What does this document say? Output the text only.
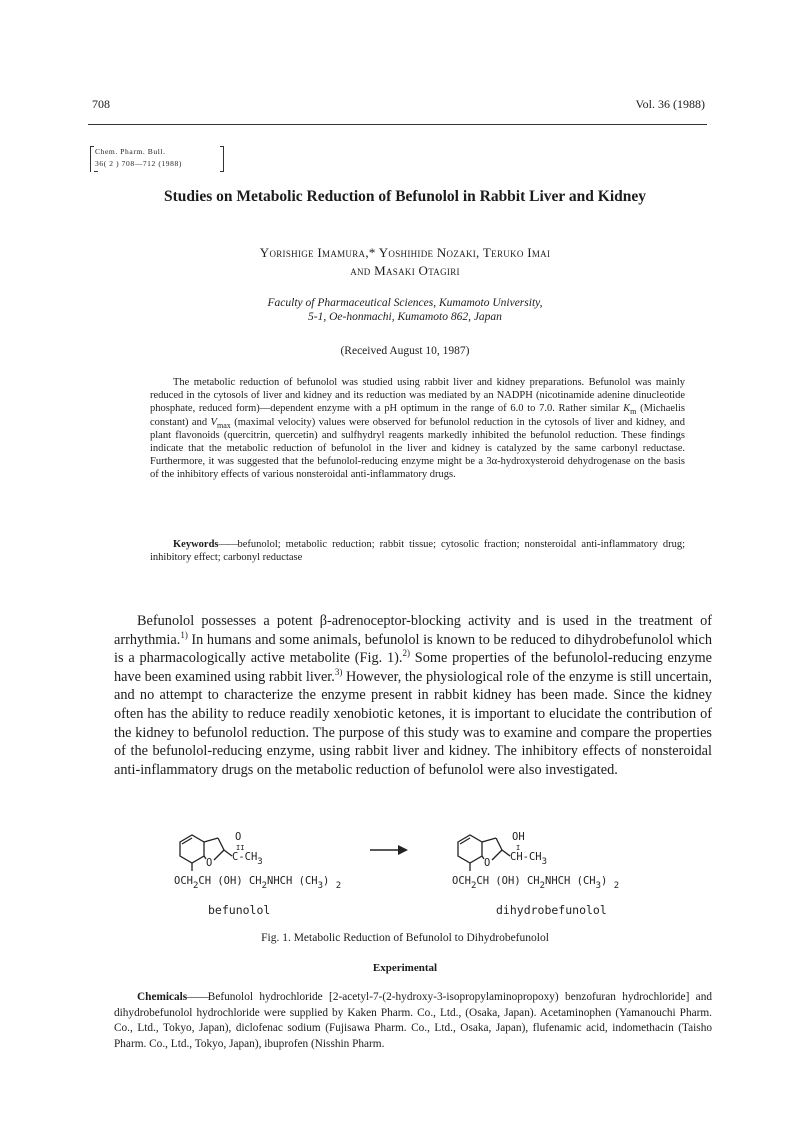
708	Vol. 36 (1988)
Chem. Pharm. Bull.
36( 2 ) 708—712 (1988)
Studies on Metabolic Reduction of Befunolol in Rabbit Liver and Kidney
Yorishige Imamura,* Yoshihide Nozaki, Teruko Imai
and Masaki Otagiri
Faculty of Pharmaceutical Sciences, Kumamoto University,
5-1, Oe-honmachi, Kumamoto 862, Japan
(Received August 10, 1987)

The metabolic reduction of befunolol was studied using rabbit liver and kidney preparations. Befunolol was mainly reduced in the cytosols of liver and kidney and its reduction was mediated by an NADPH (nicotinamide adenine dinucleotide phosphate, reduced form)—dependent enzyme with a pH optimum in the range of 6.0 to 7.0. Rather similar $K_m$ (Michaelis constant) and $V_{max}$ (maximal velocity) values were observed for befunolol reduction in the cytosols of liver and kidney, and plant flavonoids (quercitrin, quercetin) and sulfhydryl reagents markedly inhibited the befunolol reduction. These findings indicate that the metabolic reduction of befunolol in the liver and kidney is catalyzed by the same carbonyl reductase. Furthermore, it was suggested that the befunolol-reducing enzyme might be a 3α-hydroxysteroid dehydrogenase on the basis of the inhibitory effects of various nonsteroidal anti-inflammatory drugs.

Keywords——befunolol; metabolic reduction; rabbit tissue; cytosolic fraction; nonsteroidal anti-inflammatory drug; inhibitory effect; carbonyl reductase

Befunolol possesses a potent β-adrenoceptor-blocking activity and is used in the treatment of arrhythmia.$^{1)}$ In humans and some animals, befunolol is known to be reduced to dihydrobefunolol which is a pharmacologically active metabolite (Fig. 1).$^{2)}$ Some properties of the befunolol-reducing enzyme have been examined using rabbit liver.$^{3)}$ However, the physiological role of the enzyme is still uncertain, and no attempt to characterize the enzyme present in rabbit kidney has been made. Since the kidney often has the ability to reduce readily xenobiotic ketones, it is important to elucidate the contribution of the kidney to befunolol reduction. The purpose of this study was to examine and compare the properties of the befunolol-reducing enzyme, using rabbit liver and kidney. The inhibitory effects of nonsteroidal anti-inflammatory drugs on the metabolic reduction of befunolol were also investigated.

O
O
II
C-CH3
OCH2CH (OH) CH2NHCH (CH3) 2
O
OH
I
CH-CH3
OCH2CH (OH) CH2NHCH (CH3) 2
befunolol	dihydrobefunolol
Fig. 1. Metabolic Reduction of Befunolol to Dihydrobefunolol
Experimental

Chemicals——Befunolol hydrochloride [2-acetyl-7-(2-hydroxy-3-isopropylaminopropoxy) benzofuran hydrochloride] and dihydrobefunolol hydrochloride were supplied by Kaken Pharm. Co., Ltd., (Osaka, Japan). Acetaminophen (Yamanouchi Pharm. Co., Ltd., Tokyo, Japan), diclofenac sodium (Fujisawa Pharm. Co., Ltd., Osaka, Japan), flufenamic acid, indomethacin (Taisho Pharm. Co., Ltd., Tokyo, Japan), ibuprofen (Nisshin Pharm.
